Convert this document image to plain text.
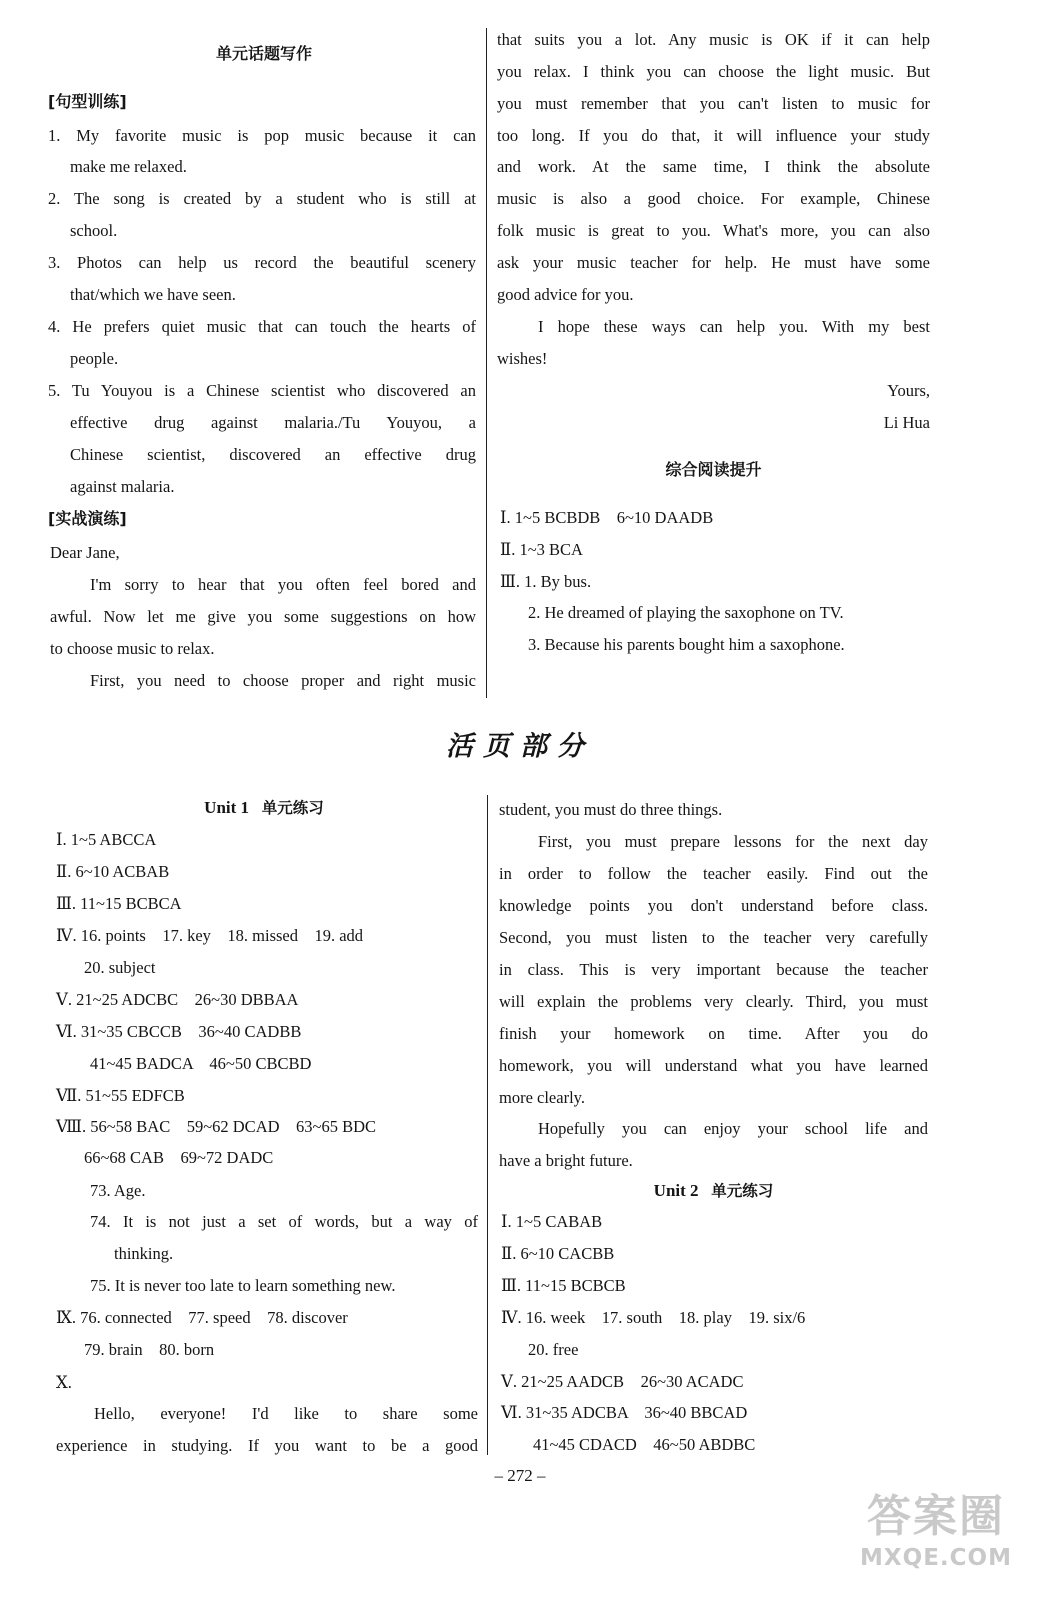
单元话题写作
[句型训练]
1. My favorite music is pop music because it can
make me relaxed.
2. The song is created by a student who is still at
school.
3. Photos can help us record the beautiful scenery
that/which we have seen.
4. He prefers quiet music that can touch the hearts of
people.
5. Tu Youyou is a Chinese scientist who discovered an
effective drug against malaria./Tu Youyou, a
Chinese scientist, discovered an effective drug
against malaria.
[实战演练]
Dear Jane,
I'm sorry to hear that you often feel bored and
awful. Now let me give you some suggestions on how
to choose music to relax.
First, you need to choose proper and right music
that suits you a lot. Any music is OK if it can help
you relax. I think you can choose the light music. But
you must remember that you can't listen to music for
too long. If you do that, it will influence your study
and work. At the same time, I think the absolute
music is also a good choice. For example, Chinese
folk music is great to you. What's more, you can also
ask your music teacher for help. He must have some
good advice for you.
I hope these ways can help you. With my best
wishes!
Yours,
Li Hua
综合阅读提升
Ⅰ. 1~5 BCBDB    6~10 DAADB
Ⅱ. 1~3 BCA
Ⅲ. 1. By bus.
2. He dreamed of playing the saxophone on TV.
3. Because his parents bought him a saxophone.
活页部分
Unit 1 单元练习
Ⅰ. 1~5 ABCCA
Ⅱ. 6~10 ACBAB
Ⅲ. 11~15 BCBCA
Ⅳ. 16. points    17. key    18. missed    19. add
20. subject
Ⅴ. 21~25 ADCBC    26~30 DBBAA
Ⅵ. 31~35 CBCCB    36~40 CADBB
41~45 BADCA    46~50 CBCBD
Ⅶ. 51~55 EDFCB
Ⅷ. 56~58 BAC    59~62 DCAD    63~65 BDC
66~68 CAB    69~72 DADC
73. Age.
74. It is not just a set of words, but a way of
thinking.
75. It is never too late to learn something new.
Ⅸ. 76. connected    77. speed    78. discover
79. brain    80. born
Ⅹ.
Hello, everyone! I'd like to share some
experience in studying. If you want to be a good
student, you must do three things.
First, you must prepare lessons for the next day
in order to follow the teacher easily. Find out the
knowledge points you don't understand before class.
Second, you must listen to the teacher very carefully
in class. This is very important because the teacher
will explain the problems very clearly. Third, you must
finish your homework on time. After you do
homework, you will understand what you have learned
more clearly.
Hopefully you can enjoy your school life and
have a bright future.
Unit 2 单元练习
Ⅰ. 1~5 CABAB
Ⅱ. 6~10 CACBB
Ⅲ. 11~15 BCBCB
Ⅳ. 16. week    17. south    18. play    19. six/6
20. free
Ⅴ. 21~25 AADCB    26~30 ACADC
Ⅵ. 31~35 ADCBA    36~40 BBCAD
41~45 CDACD    46~50 ABDBC
– 272 –
答案圈
MXQE.COM
